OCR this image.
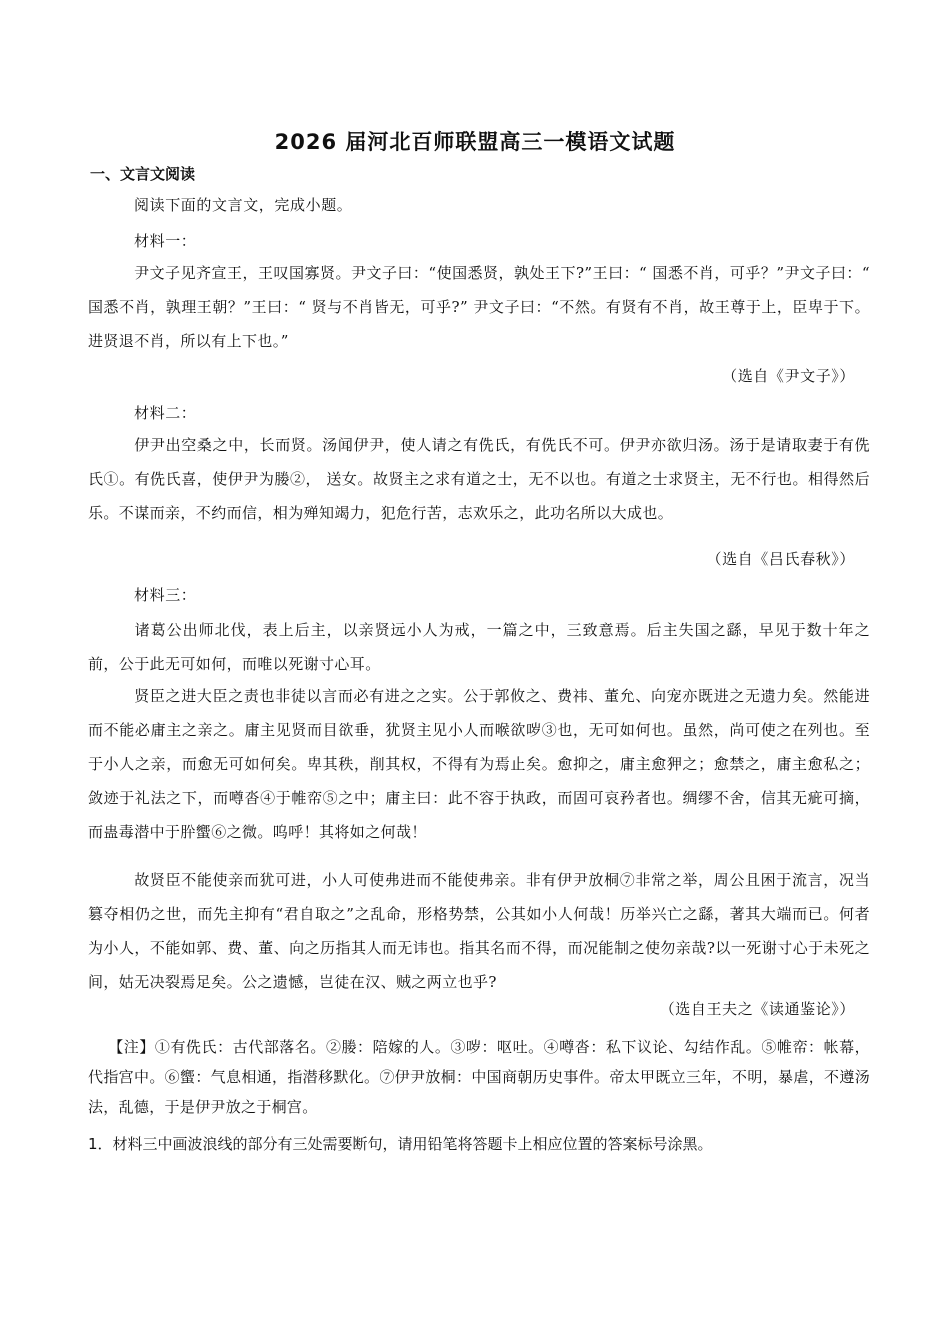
2026 届河北百师联盟高三一模语文试题
一、文言文阅读
阅读下面的文言文，完成小题。
材料一：
尹文子见齐宣王，王叹国寡贤。尹文子曰：“使国悉贤，孰处王下?”王曰：“ 国悉不肖，可乎？”尹文子曰：“ 国悉不肖，孰理王朝？”王曰：“ 贤与不肖皆无，可乎?” 尹文子曰：“不然。有贤有不肖，故王尊于上，臣卑于下。进贤退不肖，所以有上下也。”
（选自《尹文子》）
材料二：
伊尹出空桑之中，长而贤。汤闻伊尹，使人请之有侁氏，有侁氏不可。伊尹亦欲归汤。汤于是请取妻于有侁氏①。有侁氏喜，使伊尹为媵②， 送女。故贤主之求有道之士，无不以也。有道之士求贤主，无不行也。相得然后乐。不谋而亲，不约而信，相为殚知竭力，犯危行苦，志欢乐之，此功名所以大成也。
（选自《吕氏春秋》）
材料三：
诸葛公出师北伐，表上后主，以亲贤远小人为戒，一篇之中，三致意焉。后主失国之繇，早见于数十年之前，公于此无可如何，而唯以死谢寸心耳。
贤臣之进大臣之责也非徒以言而必有进之之实。公于郭攸之、费祎、董允、向宠亦既进之无遗力矣。然能进而不能必庸主之亲之。庸主见贤而目欲垂，犹贤主见小人而喉欲哕③也，无可如何也。虽然，尚可使之在列也。至于小人之亲，而愈无可如何矣。卑其秩，削其权，不得有为焉止矣。愈抑之，庸主愈狎之；愈禁之，庸主愈私之；敛迹于礼法之下，而噂沓④于帷帟⑤之中；庸主曰：此不容于执政，而固可哀矜者也。绸缪不舍，信其无疵可摘，而蛊毒潜中于肸蠁⑥之微。呜呼！其将如之何哉！
故贤臣不能使亲而犹可进，小人可使弗进而不能使弗亲。非有伊尹放桐⑦非常之举，周公且困于流言，况当篡夺相仍之世，而先主抑有“君自取之”之乱命，形格势禁，公其如小人何哉！历举兴亡之繇，著其大端而已。何者为小人，不能如郭、费、董、向之历指其人而无讳也。指其名而不得，而况能制之使勿亲哉?以一死谢寸心于未死之间，姑无决裂焉足矣。公之遗憾，岂徒在汉、贼之两立也乎?
（选自王夫之《读通鉴论》）
【注】①有侁氏：古代部落名。②媵：陪嫁的人。③哕：呕吐。④噂沓：私下议论、勾结作乱。⑤帷帟：帐幕，代指宫中。⑥蠁：气息相通，指潜移默化。⑦伊尹放桐：中国商朝历史事件。帝太甲既立三年，不明，暴虐，不遵汤法，乱德，于是伊尹放之于桐宫。
1．材料三中画波浪线的部分有三处需要断句，请用铅笔将答题卡上相应位置的答案标号涂黑。
